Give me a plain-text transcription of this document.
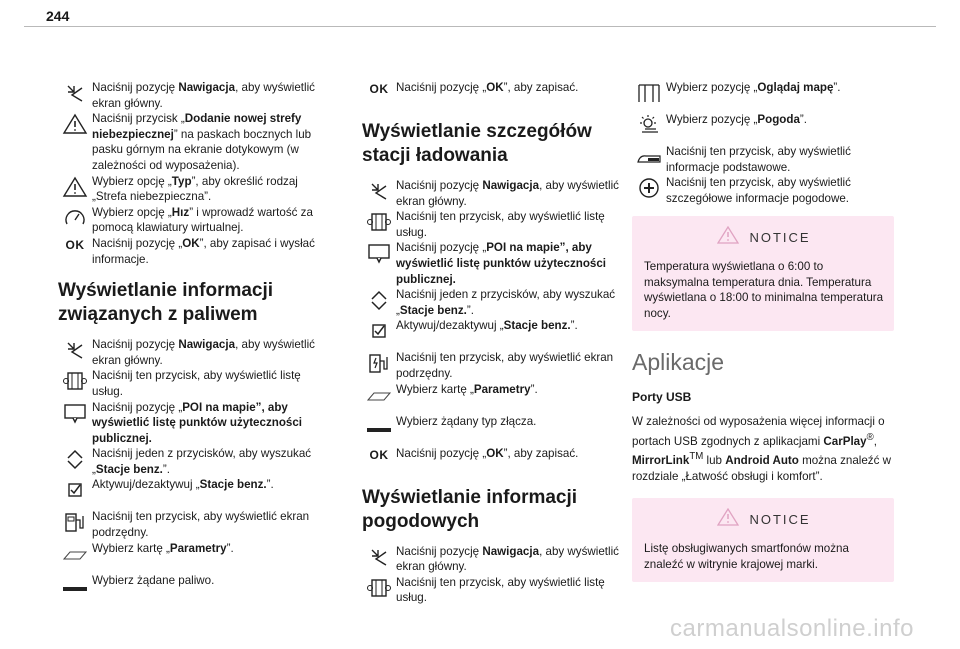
244
Naciśnij pozycję Nawigacja, aby wyświetlić ekran główny.
Naciśnij przycisk „Dodanie nowej strefy niebezpiecznej” na paskach bocznych lub pasku górnym na ekranie dotykowym (w zależności od wyposażenia).
Wybierz opcję „Typ”, aby określić rodzaj „Strefa niebezpieczna”.
Wybierz opcję „Hız” i wprowadź wartość za pomocą klawiatury wirtualnej.
OK Naciśnij pozycję „OK”, aby zapisać i wysłać informacje.
Wyświetlanie informacji związanych z paliwem
Naciśnij pozycję Nawigacja, aby wyświetlić ekran główny.
Naciśnij ten przycisk, aby wyświetlić listę usług.
Naciśnij pozycję „POI na mapie”, aby wyświetlić listę punktów użyteczności publicznej.
Naciśnij jeden z przycisków, aby wyszukać „Stacje benz.”.
Aktywuj/dezaktywuj „Stacje benz.”.
Naciśnij ten przycisk, aby wyświetlić ekran podrzędny.
Wybierz kartę „Parametry”.
Wybierz żądane paliwo.
OK Naciśnij pozycję „OK”, aby zapisać.
Wyświetlanie szczegółów stacji ładowania
Naciśnij pozycję Nawigacja, aby wyświetlić ekran główny.
Naciśnij ten przycisk, aby wyświetlić listę usług.
Naciśnij pozycję „POI na mapie”, aby wyświetlić listę punktów użyteczności publicznej.
Naciśnij jeden z przycisków, aby wyszukać „Stacje benz.”.
Aktywuj/dezaktywuj „Stacje benz.”.
Naciśnij ten przycisk, aby wyświetlić ekran podrzędny.
Wybierz kartę „Parametry”.
Wybierz żądany typ złącza.
OK Naciśnij pozycję „OK”, aby zapisać.
Wyświetlanie informacji pogodowych
Naciśnij pozycję Nawigacja, aby wyświetlić ekran główny.
Naciśnij ten przycisk, aby wyświetlić listę usług.
Wybierz pozycję „Oglądaj mapę”.
Wybierz pozycję „Pogoda”.
Naciśnij ten przycisk, aby wyświetlić informacje podstawowe.
Naciśnij ten przycisk, aby wyświetlić szczegółowe informacje pogodowe.
NOTICE
Temperatura wyświetlana o 6:00 to maksymalna temperatura dnia. Temperatura wyświetlana o 18:00 to minimalna temperatura nocy.
Aplikacje
Porty USB
W zależności od wyposażenia więcej informacji o portach USB zgodnych z aplikacjami CarPlay®, MirrorLink™ lub Android Auto można znaleźć w rozdziale „Łatwość obsługi i komfort”.
NOTICE
Listę obsługiwanych smartfonów można znaleźć w witrynie krajowej marki.
carmanualsonline.info
